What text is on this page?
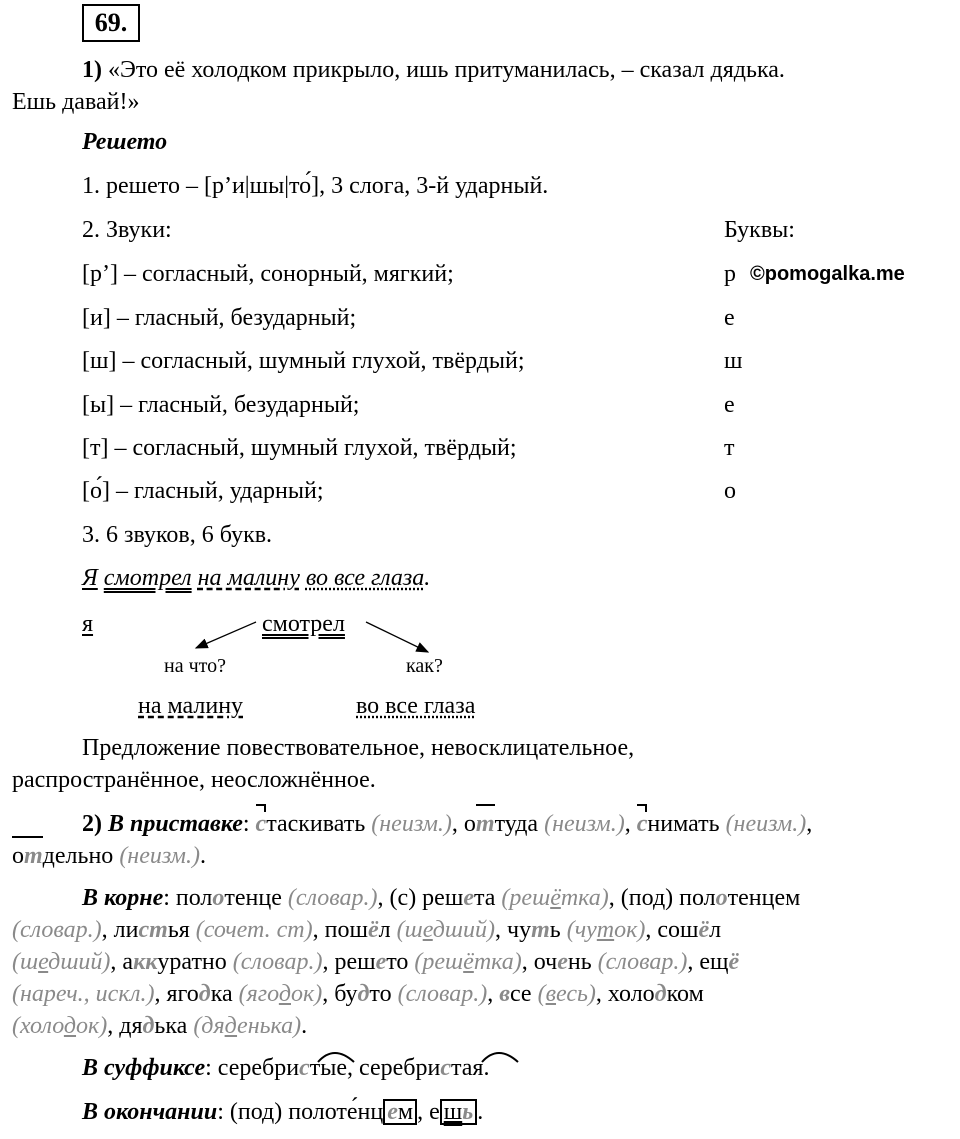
69.
1) «Это её холодком прикрыло, ишь притуманилась, – сказал дядька.
Ешь давай!»
Решето
1. решето – [р’и|шы|то́], 3 слога, 3-й ударный.
2. Звуки:	Буквы:
©pomogalka.me
[р’] – согласный, сонорный, мягкий;	р
[и] – гласный, безударный;	е
[ш] – согласный, шумный глухой, твёрдый;	ш
[ы] – гласный, безударный;	е
[т] – согласный, шумный глухой, твёрдый;	т
[о́] – гласный, ударный;	о
3. 6 звуков, 6 букв.
Я смотрел на малину во все глаза.
я	смотрел
на что?	как?
на малину	во все глаза
Предложение повествовательное, невосклицательное,
распространённое, неосложнённое.
2) В приставке: стаскивать (неизм.), оттуда (неизм.), снимать (неизм.),
отдельно (неизм.).
В корне: полотенце (словар.), (с) решета (решётка), (под) полотенцем
(словар.), листья (сочет. ст), пошёл (шедший), чуть (чуток), сошёл
(шедший), аккуратно (словар.), решето (решётка), очень (словар.), ещё
(нареч., искл.), ягодка (ягодок), будто (словар.), все (весь), холодком
(холодок), дядька (дяденька).
В суффиксе: серебристые, серебристая.
В окончании: (под) полоте́нц ем , е шь .
